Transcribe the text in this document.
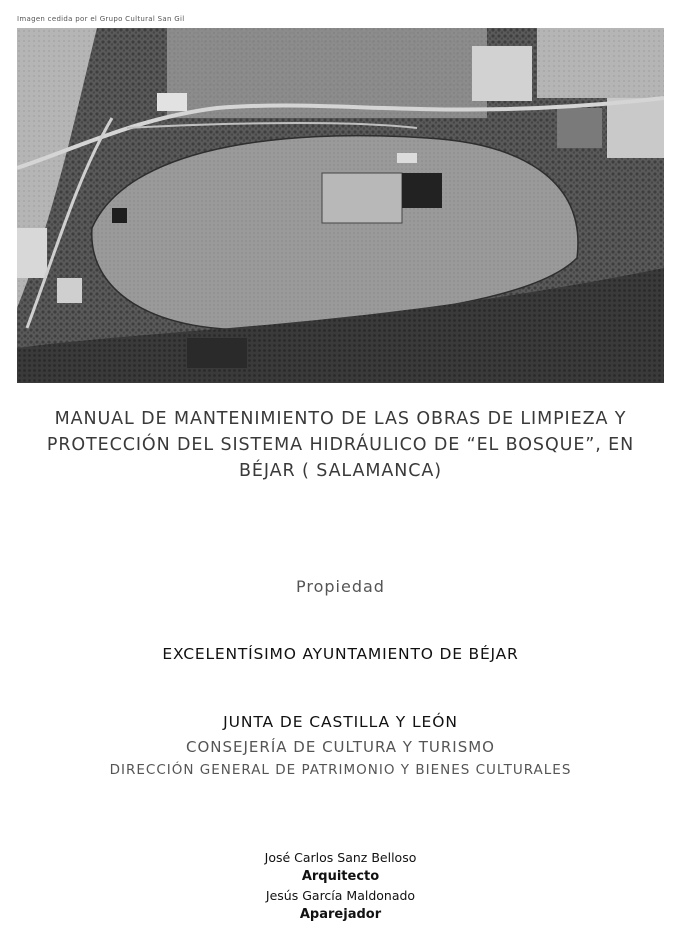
Imagen cedida por el Grupo Cultural San Gil
MANUAL DE MANTENIMIENTO DE LAS OBRAS DE LIMPIEZA Y
PROTECCIÓN DEL SISTEMA HIDRÁULICO DE “EL BOSQUE”, EN
BÉJAR ( SALAMANCA)
Propiedad
EXCELENTÍSIMO AYUNTAMIENTO DE BÉJAR
JUNTA DE CASTILLA Y LEÓN
CONSEJERÍA DE CULTURA Y TURISMO
DIRECCIÓN GENERAL DE PATRIMONIO Y BIENES CULTURALES
José Carlos Sanz Belloso
Arquitecto
Jesús García Maldonado
Aparejador
